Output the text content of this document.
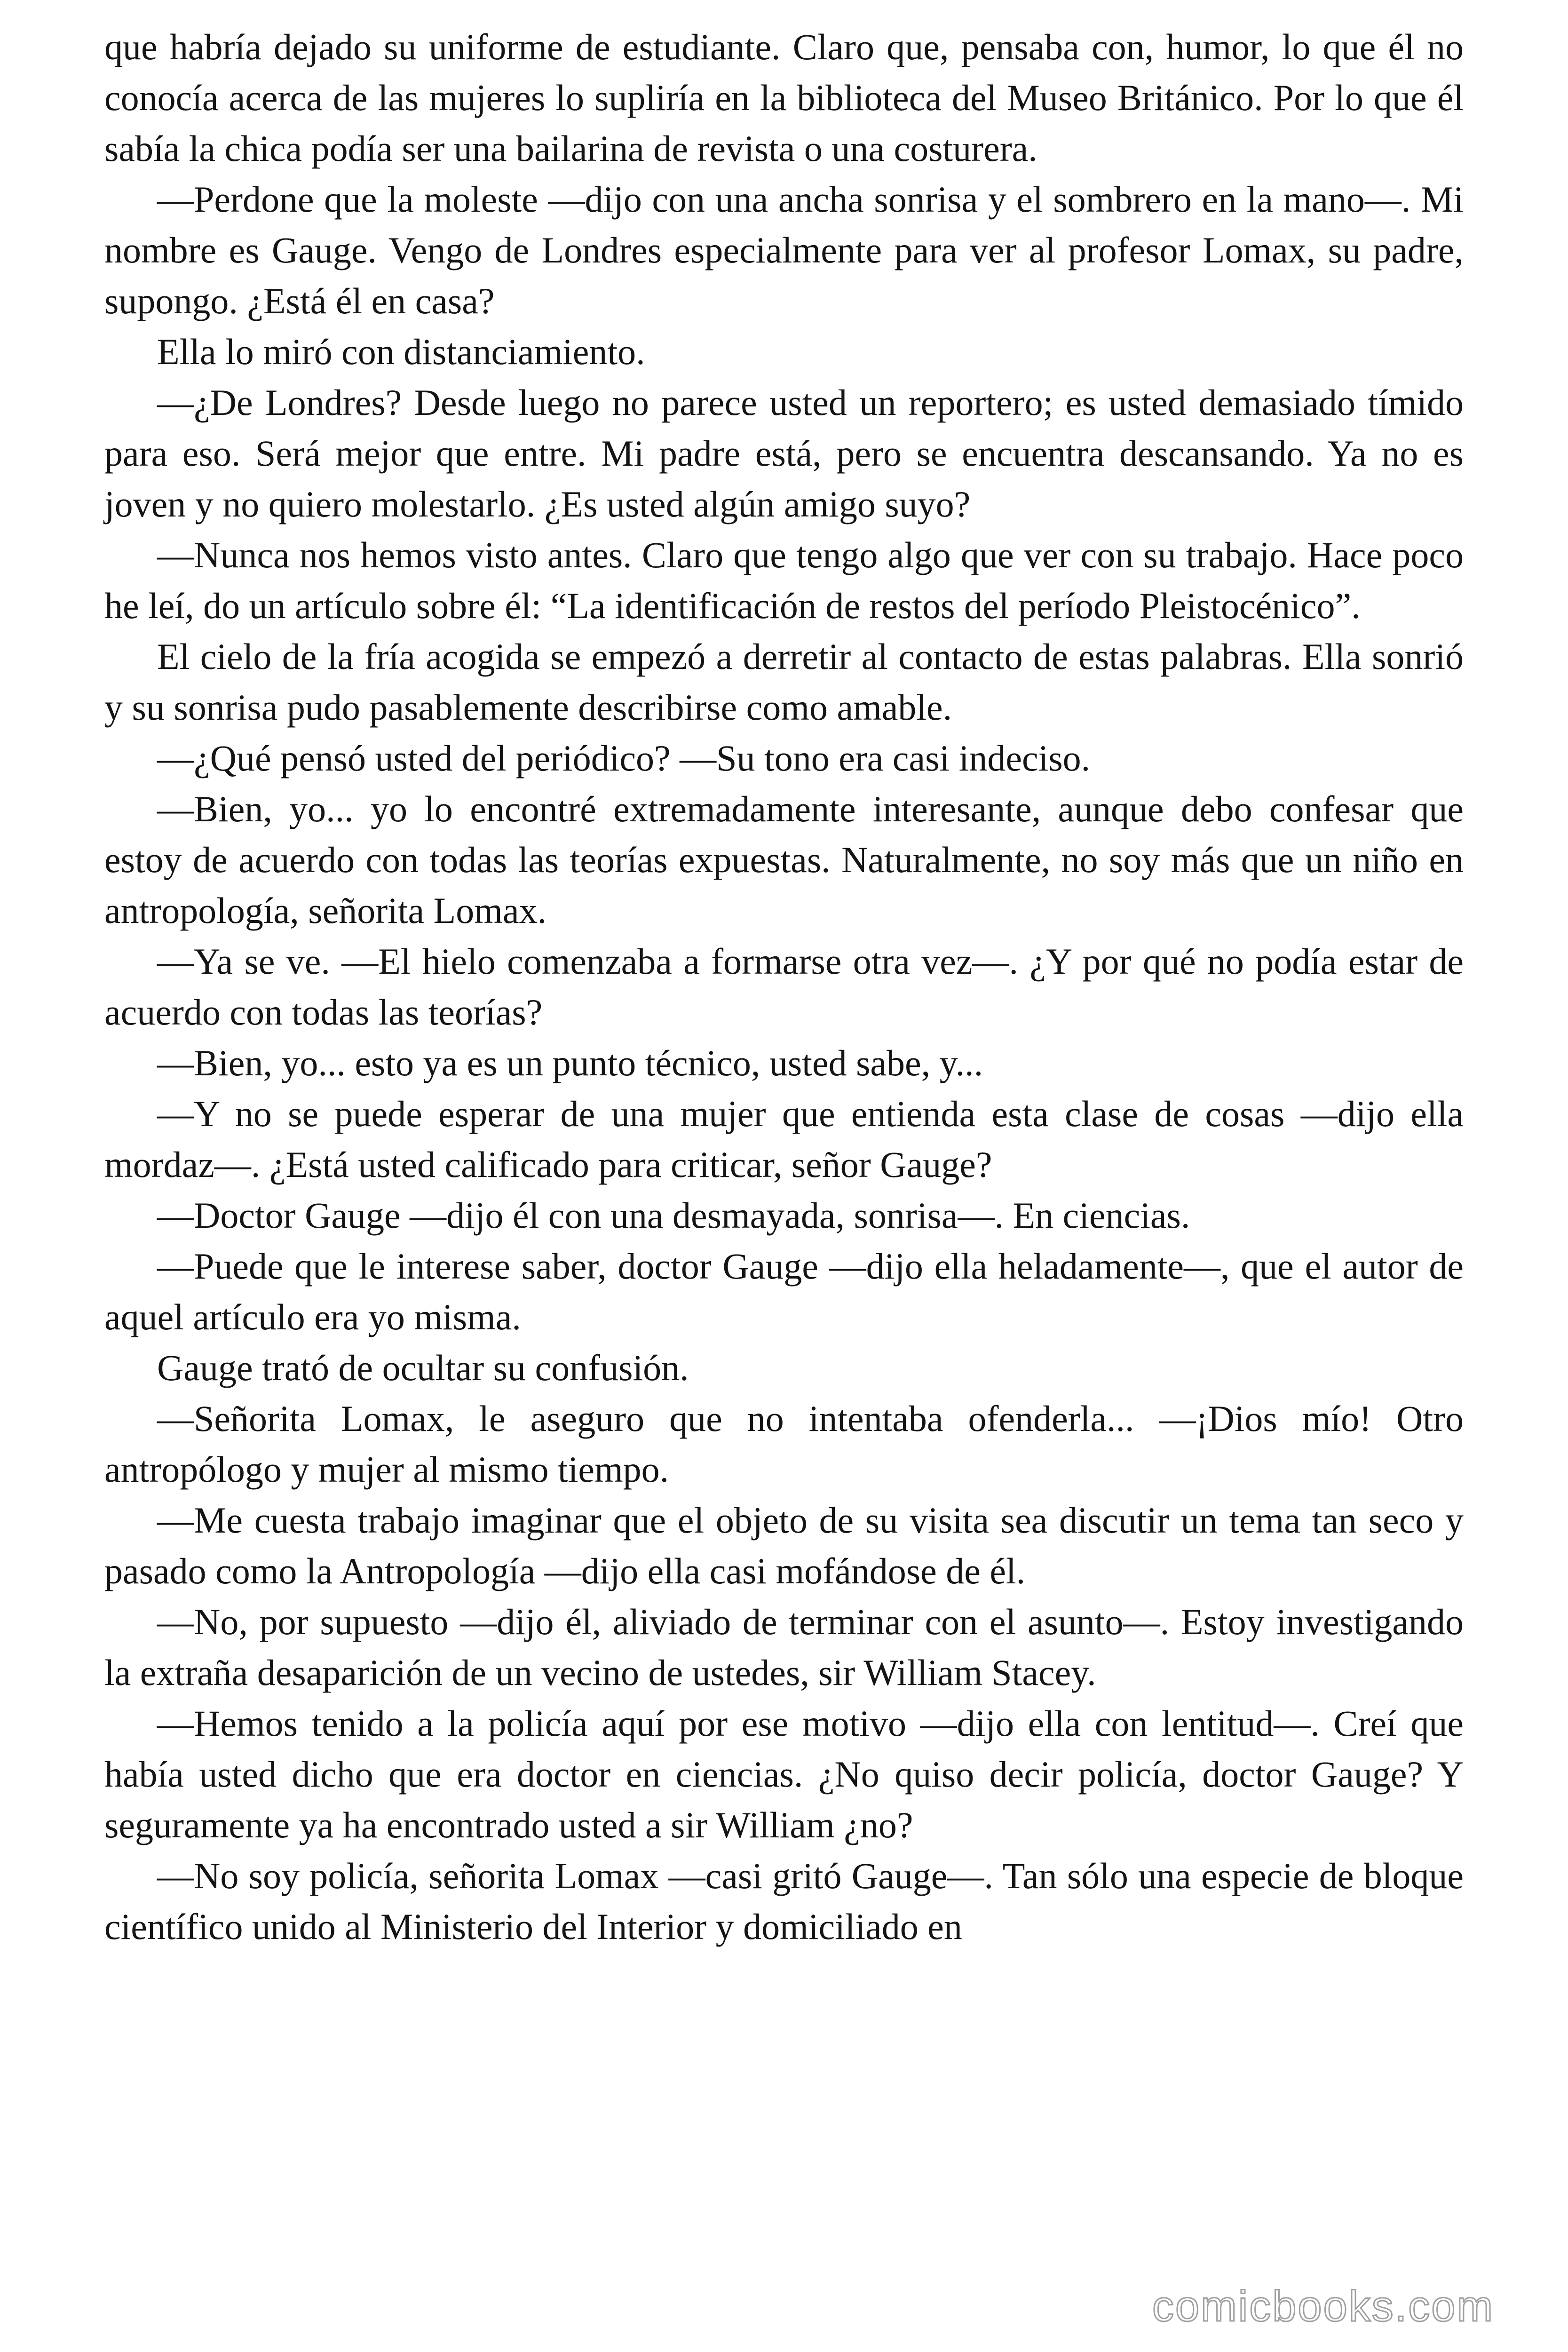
que habría dejado su uniforme de estudiante. Claro que, pensaba con, humor, lo que él no conocía acerca de las mujeres lo supliría en la biblioteca del Museo Británico. Por lo que él sabía la chica podía ser una bailarina de revista o una costurera.

—Perdone que la moleste —dijo con una ancha sonrisa y el sombrero en la mano—. Mi nombre es Gauge. Vengo de Londres especialmente para ver al profesor Lomax, su padre, supongo. ¿Está él en casa?

Ella lo miró con distanciamiento.

—¿De Londres? Desde luego no parece usted un reportero; es usted demasiado tímido para eso. Será mejor que entre. Mi padre está, pero se encuentra descansando. Ya no es joven y no quiero molestarlo. ¿Es usted algún amigo suyo?

—Nunca nos hemos visto antes. Claro que tengo algo que ver con su trabajo. Hace poco he leí, do un artículo sobre él: “La identificación de restos del período Pleistocénico”.

El cielo de la fría acogida se empezó a derretir al contacto de estas palabras. Ella sonrió y su sonrisa pudo pasablemente describirse como amable.

—¿Qué pensó usted del periódico? —Su tono era casi indeciso.

—Bien, yo... yo lo encontré extremadamente interesante, aunque debo confesar que estoy de acuerdo con todas las teorías expuestas. Naturalmente, no soy más que un niño en antropología, señorita Lomax.

—Ya se ve. —El hielo comenzaba a formarse otra vez—. ¿Y por qué no podía estar de acuerdo con todas las teorías?

—Bien, yo... esto ya es un punto técnico, usted sabe, y...

—Y no se puede esperar de una mujer que entienda esta clase de cosas —dijo ella mordaz—. ¿Está usted calificado para criticar, señor Gauge?

—Doctor Gauge —dijo él con una desmayada, sonrisa—. En ciencias.

—Puede que le interese saber, doctor Gauge —dijo ella heladamente—, que el autor de aquel artículo era yo misma.

Gauge trató de ocultar su confusión.

—Señorita Lomax, le aseguro que no intentaba ofenderla... —¡Dios mío! Otro antropólogo y mujer al mismo tiempo.

—Me cuesta trabajo imaginar que el objeto de su visita sea discutir un tema tan seco y pasado como la Antropología —dijo ella casi mofándose de él.

—No, por supuesto —dijo él, aliviado de terminar con el asunto—. Estoy investigando la extraña desaparición de un vecino de ustedes, sir William Stacey.

—Hemos tenido a la policía aquí por ese motivo —dijo ella con lentitud—. Creí que había usted dicho que era doctor en ciencias. ¿No quiso decir policía, doctor Gauge? Y seguramente ya ha encontrado usted a sir William ¿no?

—No soy policía, señorita Lomax —casi gritó Gauge—. Tan sólo una especie de bloque científico unido al Ministerio del Interior y domiciliado en

comicbooks.com
